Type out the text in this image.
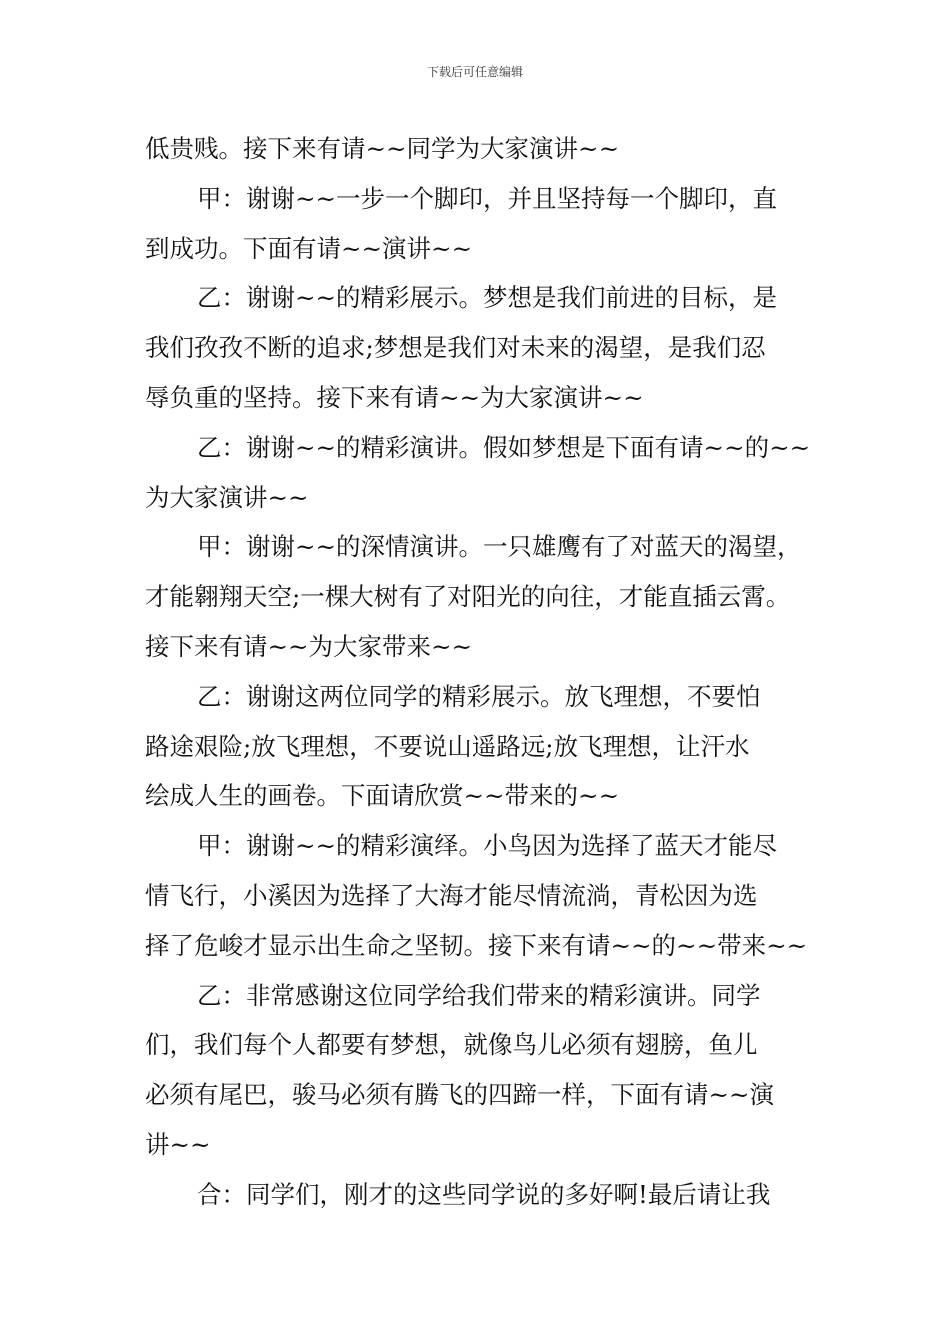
下载后可任意编辑
低贵贱。接下来有请~~同学为大家演讲~~
甲：谢谢~~一步一个脚印，并且坚持每一个脚印，直
到成功。下面有请~~演讲~~
乙：谢谢~~的精彩展示。梦想是我们前进的目标，是
我们孜孜不断的追求;梦想是我们对未来的渴望，是我们忍
辱负重的坚持。接下来有请~~为大家演讲~~
乙：谢谢~~的精彩演讲。假如梦想是下面有请~~的~~
为大家演讲~~
甲：谢谢~~的深情演讲。一只雄鹰有了对蓝天的渴望，
才能翱翔天空;一棵大树有了对阳光的向往，才能直插云霄。
接下来有请~~为大家带来~~
乙：谢谢这两位同学的精彩展示。放飞理想，不要怕
路途艰险;放飞理想，不要说山遥路远;放飞理想，让汗水
绘成人生的画卷。下面请欣赏~~带来的~~
甲：谢谢~~的精彩演绎。小鸟因为选择了蓝天才能尽
情飞行，小溪因为选择了大海才能尽情流淌，青松因为选
择了危峻才显示出生命之坚韧。接下来有请~~的~~带来~~
乙：非常感谢这位同学给我们带来的精彩演讲。同学
们，我们每个人都要有梦想，就像鸟儿必须有翅膀，鱼儿
必须有尾巴，骏马必须有腾飞的四蹄一样，下面有请~~演
讲~~
合：同学们，刚才的这些同学说的多好啊!最后请让我
